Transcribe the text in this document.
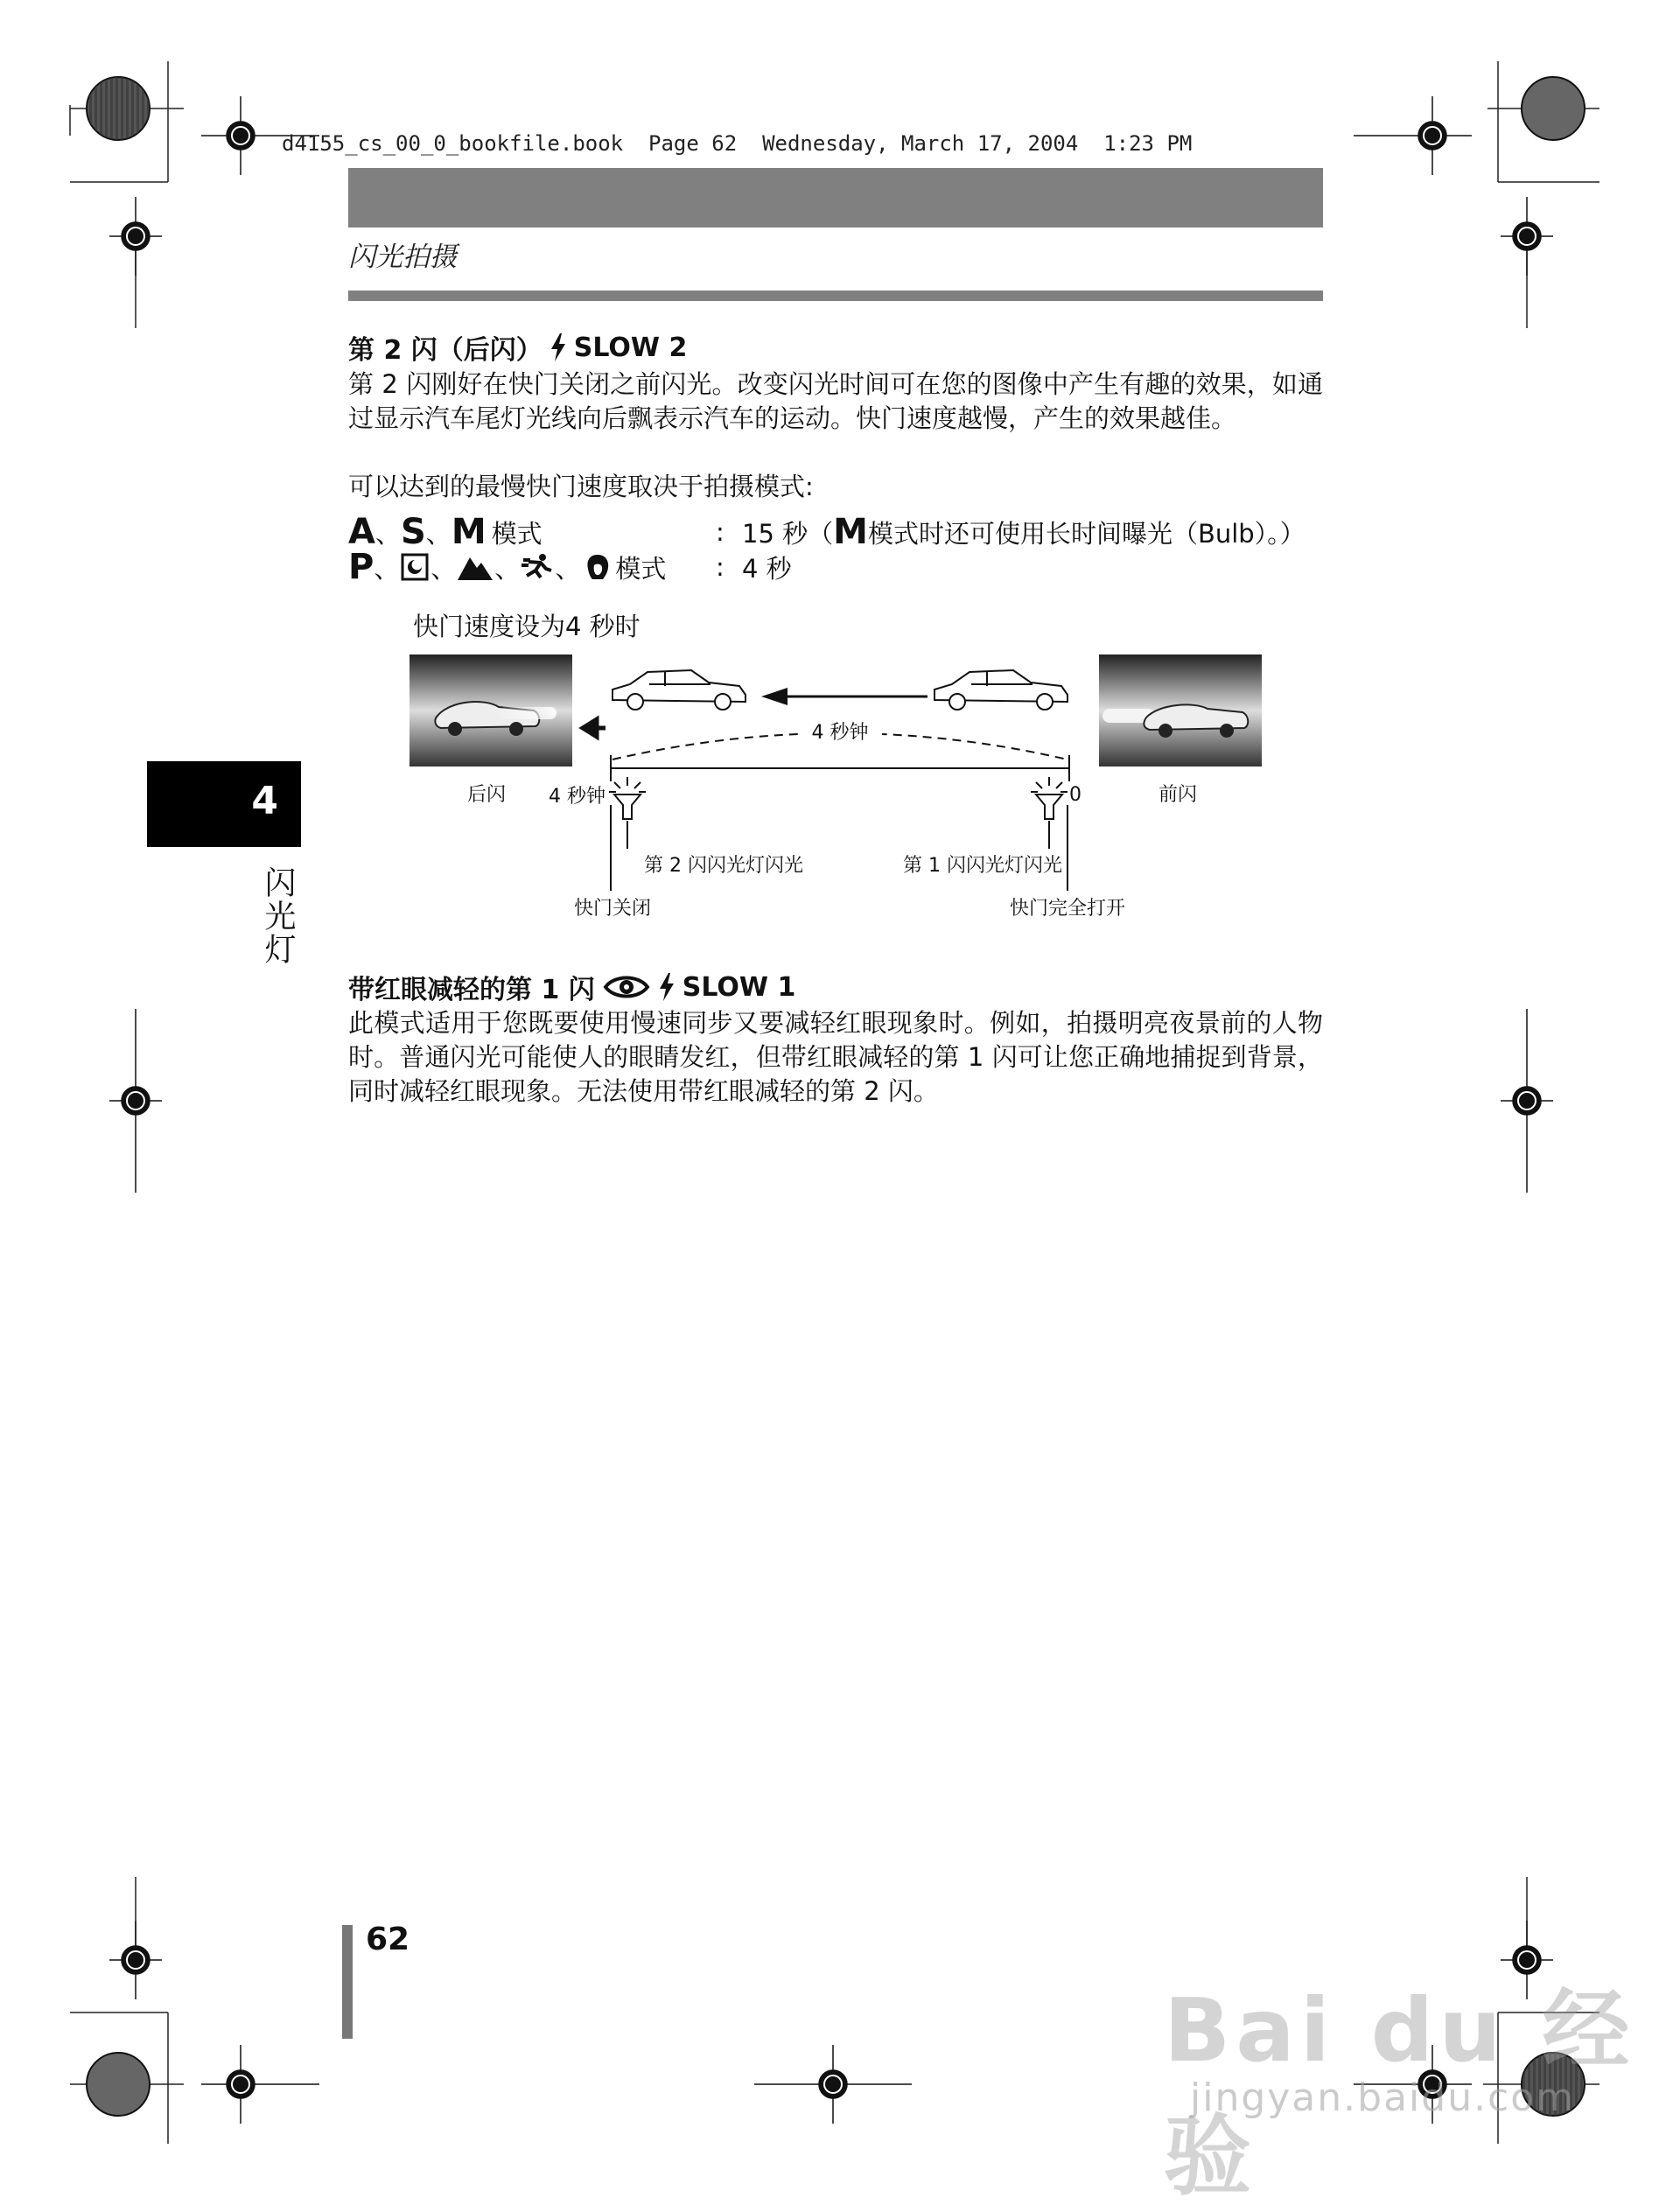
d4155_cs_00_0_bookfile.book  Page 62  Wednesday, March 17, 2004  1:23 PM
闪光拍摄
第 2 闪（后闪） SLOW 2
第 2 闪刚好在快门关闭之前闪光。改变闪光时间可在您的图像中产生有趣的效果，如通过显示汽车尾灯光线向后飘表示汽车的运动。快门速度越慢，产生的效果越佳。
可以达到的最慢快门速度取决于拍摄模式:
A 、 S 、 M 模式	: 15 秒（ M 模式时还可使用长时间曝光（Bulb）。）
P 、 、 、 、 模式 : 4 秒
快门速度设为4 秒时
4 秒钟
后闪	前闪
4 秒钟	0
第 2 闪闪光灯闪光	第 1 闪闪光灯闪光
快门关闭	快门完全打开
带红眼减轻的第 1 闪	SLOW 1
此模式适用于您既要使用慢速同步又要减轻红眼现象时。例如，拍摄明亮夜景前的人物时。普通闪光可能使人的眼睛发红，但带红眼减轻的第 1 闪可让您正确地捕捉到背景，同时减轻红眼现象。无法使用带红眼减轻的第 2 闪。
4
闪光灯
62
Bai du 经验
jingyan.baidu.com
